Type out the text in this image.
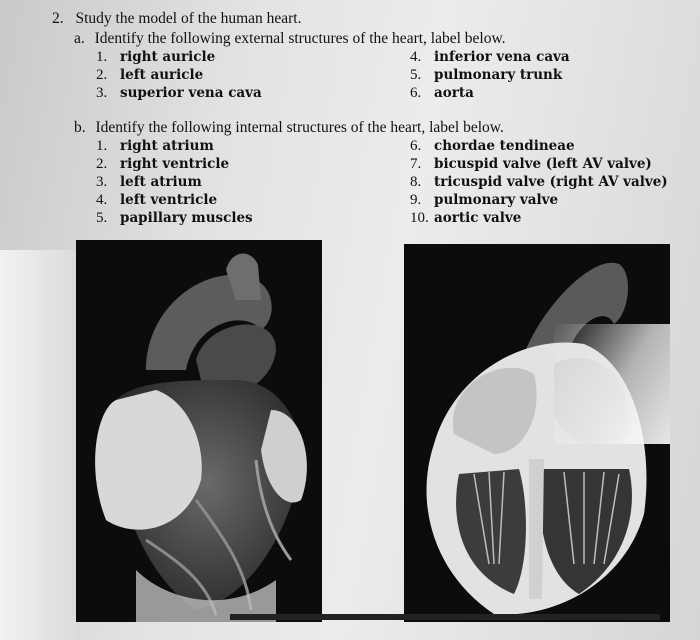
2. Study the model of the human heart.
a. Identify the following external structures of the heart, label below.
1. right auricle
2. left auricle
3. superior vena cava
4. inferior vena cava
5. pulmonary trunk
6. aorta
b. Identify the following internal structures of the heart, label below.
1. right atrium
2. right ventricle
3. left atrium
4. left ventricle
5. papillary muscles
6. chordae tendineae
7. bicuspid valve (left AV valve)
8. tricuspid valve (right AV valve)
9. pulmonary valve
10. aortic valve
